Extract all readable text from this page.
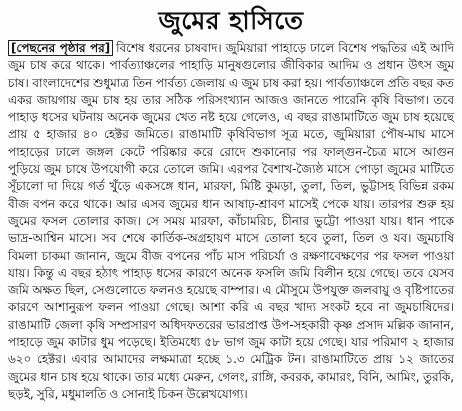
জুমের হাসিতে

[পেছনের পৃষ্ঠার পর] বিশেষ ধরনের চাষবাদ। জুমিয়ারা পাহাড়ে ঢালে বিশেষ পদ্ধতির এই আদি জুম চাষ করে থাকে। পার্বত্যাঞ্চলের পাহাড়ি মানুষগুলোর জীবিকার আদিম ও প্রধান উৎস জুম চাষ। বাংলাদেশের শুধুমাত্র তিন পার্বত্য জেলায় এ জুম চাষ করা হয়। পার্বত্যাঞ্চলে প্রতি বছর কত একর জায়গায় জুম চাষ হয় তার সঠিক পরিসংখ্যান আজও জানতে পারেনি কৃষি বিভাগ। তবে পাহাড় ধসের ঘটনায় অনেক জুমের খেত নষ্ট হয়ে গেলেও, এ বছর রাঙামাটিতে জুম চাষ হয়েছে প্রায় ৫ হাজার ৪০ হেক্টর জমিতে। রাঙামাটি কৃষিবিভাগ সূত্র মতে, জুমিয়ারা পৌষ-মাঘ মাসে পাহাড়ের ঢালে জঙ্গল কেটে পরিষ্কার করে রোদে শুকানোর পর ফাল্গুন-চৈত্র মাসে আগুন পুড়িয়ে জুম চাষে উপযোগী করে তোলে জমি। এরপর বৈশাখ-জ্যৈষ্ঠ মাসে পোড়া জুমের মাটিতে সূঁচালো দা দিয়ে গর্ত খুঁড়ে একসঙ্গে ধান, মারফা, মিষ্টি কুমড়া, তুলা, তিল, ভুট্টাসহ বিভিন্ন রকম বীজ বপন করে থাকে। আর এসব জুমের ধান আষাঢ়-শ্রাবণ মাসেই পেকে যায়। তারপর শুরু হয় জুমের ফসল তোলার কাজ। সে সময় মারফা, কাঁচামরিচ, চীনার ভুট্টো পাওয়া যায়। ধান পাকে ভাদ্র-আশ্বিন মাসে। সব শেষে কার্তিক-অগ্রহায়ণ মাসে তোলা হবে তুলা, তিল ও যব। জুমচাষি বিমলা চাকমা জানান, জুমে বীজ বপনের পাঁচ মাস পরিচর্যা ও রক্ষণাবেক্ষণের পর ফসল পাওয়া যায়। কিন্তু এ বছর হঠাৎ পাহাড় ধসের কারণে অনেক ফসলি জমি বিলীন হয়ে গেছে। তবে যেসব জমি অক্ষত ছিল, সেগুলোতে ফলনও হয়েছে বাম্পার। এ মৌসুমে উপযুক্ত জলবায়ু ও বৃষ্টিপাতের কারণে আশানুরূপ ফলন পাওয়া গেছে। আশা করি এ বছর খাদ্য সংকট হবে না জুমচাষিদের। রাঙামাটি জেলা কৃষি সম্প্রসারণ অধিদফতরের ভারপ্রাপ্ত উপ-সহকারী কৃষ্ণ প্রসাদ মল্লিক জানান, পাহাড়ে জুম কাটার ধুম পড়েছে। ইতিমধ্যে ৫৮ ভাগ জুম কাটা হয়ে গেছে। যার পরিমাণ ২ হাজার ৬২০ হেক্টর। এবার আমাদের লক্ষমাত্রা হচ্ছে ১.৩ মেট্রিক টন। রাঙামাটিতে প্রায় ১২ জাতের জুমের ধান চাষ হয়ে থাকে। তার মধ্যে মেরুন, গেলং, রাঙ্গি, কবরক, কামারং, বিনি, আমিং, তুরকি, ছড়ই, সুরি, মধুমালতি ও সোনাই চিকন উল্লেখযোগ্য।
